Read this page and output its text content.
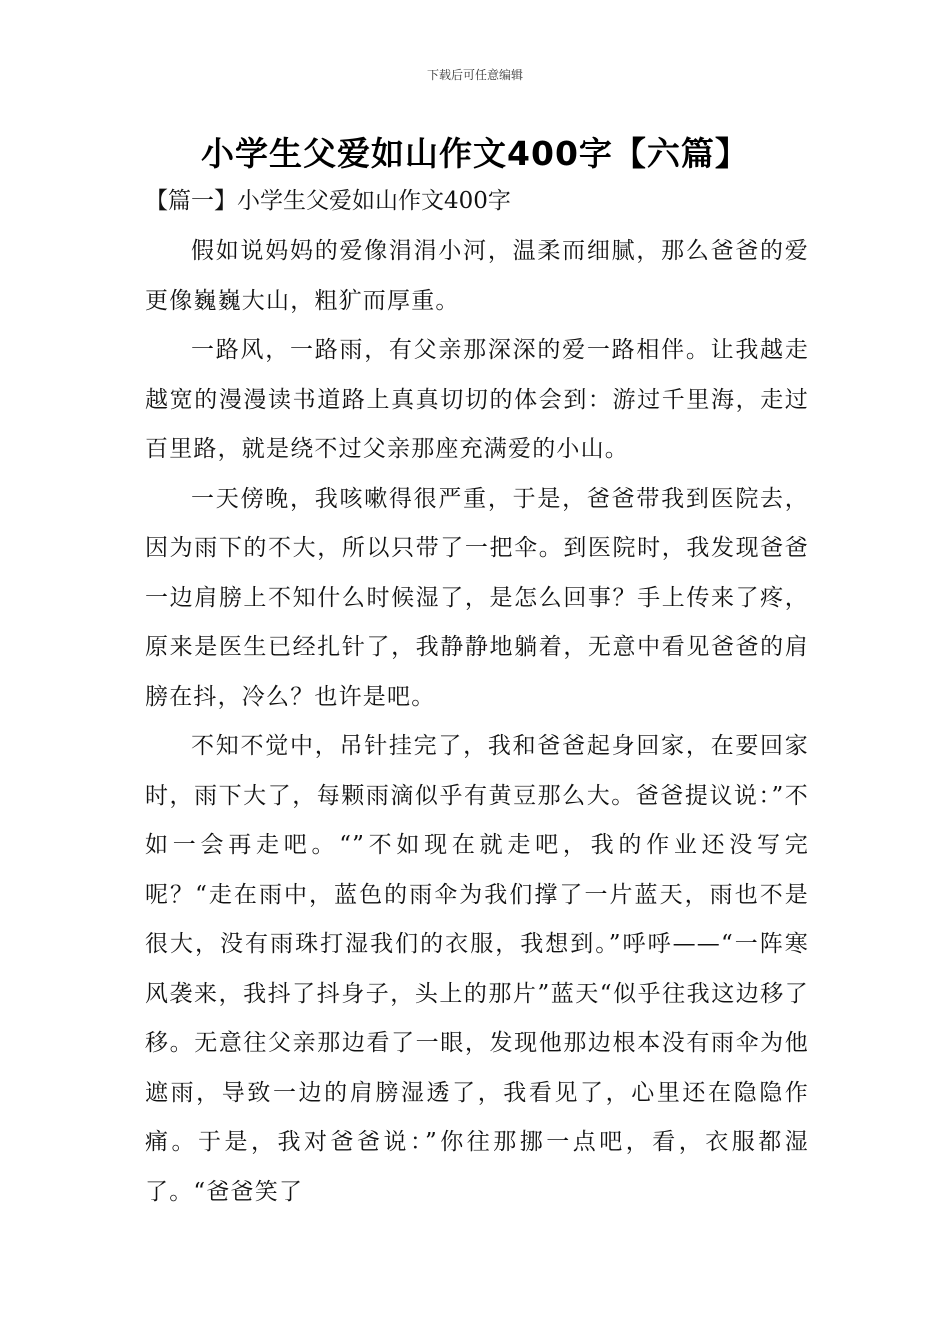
下载后可任意编辑
小学生父爱如山作文400字【六篇】
【篇一】小学生父爱如山作文400字

假如说妈妈的爱像涓涓小河，温柔而细腻，那么爸爸的爱更像巍巍大山，粗犷而厚重。

一路风，一路雨，有父亲那深深的爱一路相伴。让我越走越宽的漫漫读书道路上真真切切的体会到：游过千里海，走过百里路，就是绕不过父亲那座充满爱的小山。

一天傍晚，我咳嗽得很严重，于是，爸爸带我到医院去，因为雨下的不大，所以只带了一把伞。到医院时，我发现爸爸一边肩膀上不知什么时候湿了，是怎么回事？手上传来了疼，原来是医生已经扎针了，我静静地躺着，无意中看见爸爸的肩膀在抖，冷么？也许是吧。

不知不觉中，吊针挂完了，我和爸爸起身回家，在要回家时，雨下大了，每颗雨滴似乎有黄豆那么大。爸爸提议说：”不如一会再走吧。“”不如现在就走吧，我的作业还没写完呢？“走在雨中，蓝色的雨伞为我们撑了一片蓝天，雨也不是很大，没有雨珠打湿我们的衣服，我想到。”呼呼——“一阵寒风袭来，我抖了抖身子，头上的那片”蓝天“似乎往我这边移了移。无意往父亲那边看了一眼，发现他那边根本没有雨伞为他遮雨，导致一边的肩膀湿透了，我看见了，心里还在隐隐作痛。于是，我对爸爸说：”你往那挪一点吧，看，衣服都湿了。“爸爸笑了
